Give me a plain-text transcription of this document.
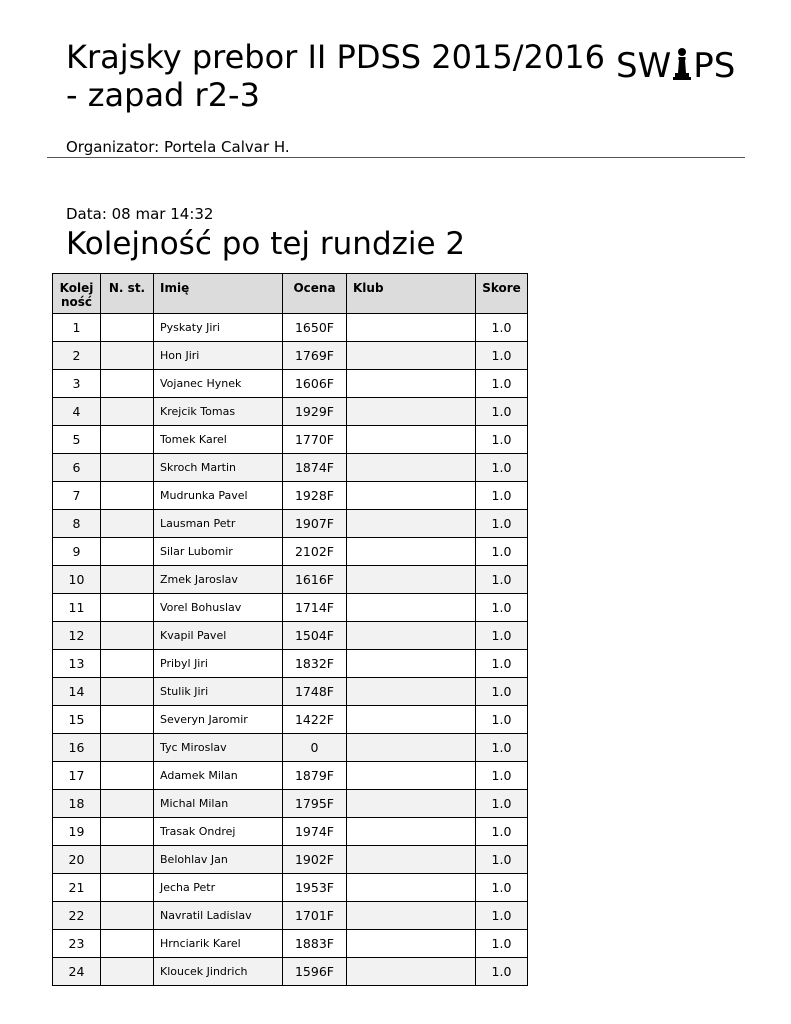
Krajsky prebor II PDSS 2015/2016 - zapad r2-3
SW PS
Organizator: Portela Calvar H.
Data: 08 mar 14:32
Kolejność po tej rundzie 2
Kolej ność	N. st.	Imię	Ocena	Klub	Skore
1		Pyskaty Jiri	1650F		1.0
2		Hon Jiri	1769F		1.0
3		Vojanec Hynek	1606F		1.0
4		Krejcik Tomas	1929F		1.0
5		Tomek Karel	1770F		1.0
6		Skroch Martin	1874F		1.0
7		Mudrunka Pavel	1928F		1.0
8		Lausman Petr	1907F		1.0
9		Silar Lubomir	2102F		1.0
10		Zmek Jaroslav	1616F		1.0
11		Vorel Bohuslav	1714F		1.0
12		Kvapil Pavel	1504F		1.0
13		Pribyl Jiri	1832F		1.0
14		Stulik Jiri	1748F		1.0
15		Severyn Jaromir	1422F		1.0
16		Tyc Miroslav	0		1.0
17		Adamek Milan	1879F		1.0
18		Michal Milan	1795F		1.0
19		Trasak Ondrej	1974F		1.0
20		Belohlav Jan	1902F		1.0
21		Jecha Petr	1953F		1.0
22		Navratil Ladislav	1701F		1.0
23		Hrnciarik Karel	1883F		1.0
24		Kloucek Jindrich	1596F		1.0
